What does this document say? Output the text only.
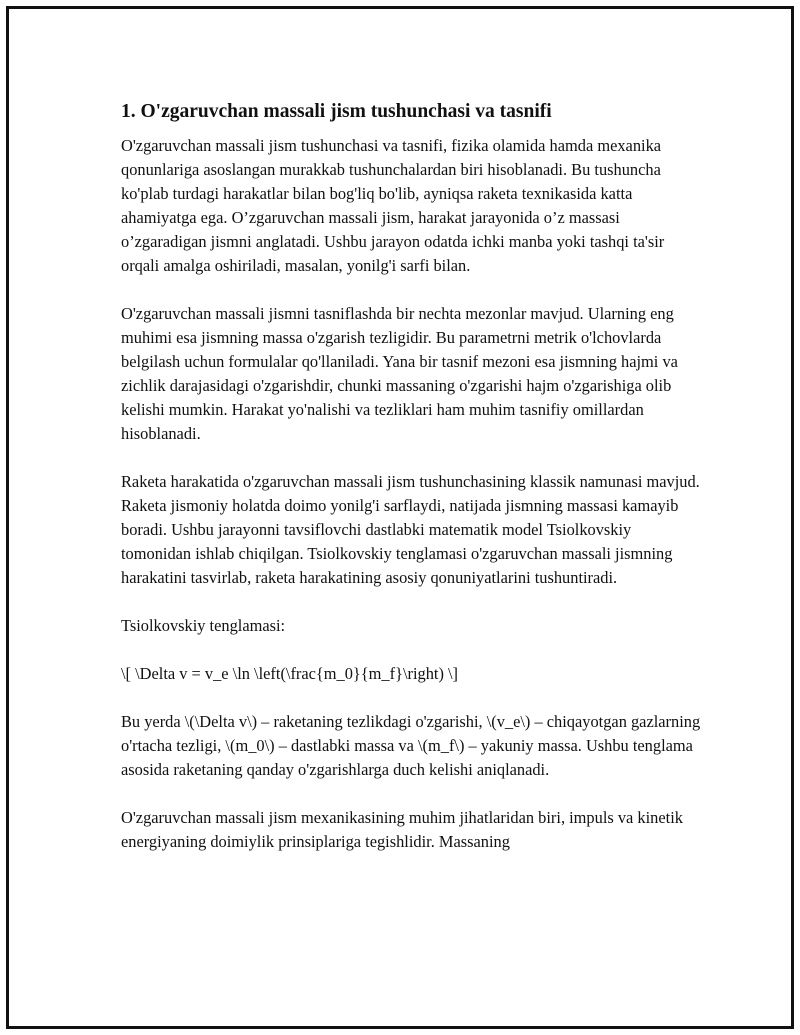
1. O'zgaruvchan massali jism tushunchasi va tasnifi

O'zgaruvchan massali jism tushunchasi va tasnifi, fizika olamida hamda mexanika qonunlariga asoslangan murakkab tushunchalardan biri hisoblanadi. Bu tushuncha ko'plab turdagi harakatlar bilan bog'liq bo'lib, ayniqsa raketa texnikasida katta ahamiyatga ega. O’zgaruvchan massali jism, harakat jarayonida o’z massasi o’zgaradigan jismni anglatadi. Ushbu jarayon odatda ichki manba yoki tashqi ta'sir orqali amalga oshiriladi, masalan, yonilg'i sarfi bilan.

O'zgaruvchan massali jismni tasniflashda bir nechta mezonlar mavjud. Ularning eng muhimi esa jismning massa o'zgarish tezligidir. Bu parametrni metrik o'lchovlarda belgilash uchun formulalar qo'llaniladi. Yana bir tasnif mezoni esa jismning hajmi va zichlik darajasidagi o'zgarishdir, chunki massaning o'zgarishi hajm o'zgarishiga olib kelishi mumkin. Harakat yo'nalishi va tezliklari ham muhim tasnifiy omillardan hisoblanadi.

Raketa harakatida o'zgaruvchan massali jism tushunchasining klassik namunasi mavjud. Raketa jismoniy holatda doimo yonilg'i sarflaydi, natijada jismning massasi kamayib boradi. Ushbu jarayonni tavsiflovchi dastlabki matematik model Tsiolkovskiy tomonidan ishlab chiqilgan. Tsiolkovskiy tenglamasi o'zgaruvchan massali jismning harakatini tasvirlab, raketa harakatining asosiy qonuniyatlarini tushuntiradi.

Tsiolkovskiy tenglamasi:

\[ \Delta v = v_e \ln \left(\frac{m_0}{m_f}\right) \]

Bu yerda \(\Delta v\) – raketaning tezlikdagi o'zgarishi, \(v_e\) – chiqayotgan gazlarning o'rtacha tezligi, \(m_0\) – dastlabki massa va \(m_f\) – yakuniy massa. Ushbu tenglama asosida raketaning qanday o'zgarishlarga duch kelishi aniqlanadi.

O'zgaruvchan massali jism mexanikasining muhim jihatlaridan biri, impuls va kinetik energiyaning doimiylik prinsiplariga tegishlidir. Massaning
